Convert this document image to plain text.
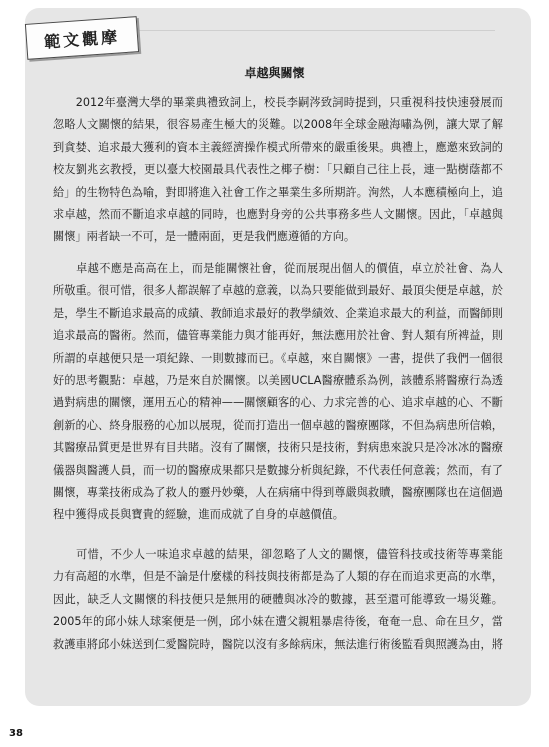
範文觀摩
卓越與關懷
　　2012年臺灣大學的畢業典禮致詞上，校長李嗣涔致詞時提到，只重視科技快速發展而
忽略人文關懷的結果，很容易產生極大的災難。以2008年全球金融海嘯為例，讓大眾了解
到貪婪、追求最大獲利的資本主義經濟操作模式所帶來的嚴重後果。典禮上，應邀來致詞的
校友劉兆玄教授，更以臺大校園最具代表性之椰子樹：「只顧自己往上長，連一點樹蔭都不
給」的生物特色為喻，對即將進入社會工作之畢業生多所期許。洵然，人本應積極向上，追
求卓越，然而不斷追求卓越的同時，也應對身旁的公共事務多些人文關懷。因此，「卓越與
關懷」兩者缺一不可，是一體兩面，更是我們應遵循的方向。
　　卓越不應是高高在上，而是能關懷社會，從而展現出個人的價值，卓立於社會、為人
所敬重。很可惜，很多人都誤解了卓越的意義，以為只要能做到最好、最頂尖便是卓越，於
是，學生不斷追求最高的成績、教師追求最好的教學績效、企業追求最大的利益，而醫師則
追求最高的醫術。然而，儘管專業能力與才能再好，無法應用於社會、對人類有所裨益，則
所謂的卓越便只是一項紀錄、一則數據而已。《卓越，來自關懷》一書，提供了我們一個很
好的思考觀點：卓越，乃是來自於關懷。以美國UCLA醫療體系為例，該體系將醫療行為透
過對病患的關懷，運用五心的精神——關懷顧客的心、力求完善的心、追求卓越的心、不斷
創新的心、終身服務的心加以展現，從而打造出一個卓越的醫療團隊，不但為病患所信賴，
其醫療品質更是世界有目共睹。沒有了關懷，技術只是技術，對病患來說只是冷冰冰的醫療
儀器與醫護人員，而一切的醫療成果都只是數據分析與紀錄，不代表任何意義；然而，有了
關懷，專業技術成為了救人的靈丹妙藥，人在病痛中得到尊嚴與救贖，醫療團隊也在這個過
程中獲得成長與寶貴的經驗，進而成就了自身的卓越價值。
　　可惜，不少人一味追求卓越的結果，卻忽略了人文的關懷，儘管科技或技術等專業能
力有高超的水準，但是不論是什麼樣的科技與技術都是為了人類的存在而追求更高的水準，
因此，缺乏人文關懷的科技便只是無用的硬體與冰冷的數據，甚至還可能導致一場災難。
2005年的邱小妹人球案便是一例，邱小妹在遭父親粗暴虐待後，奄奄一息、命在旦夕，當
救護車將邱小妹送到仁愛醫院時，醫院以沒有多餘病床，無法進行術後監看與照護為由，將
38
